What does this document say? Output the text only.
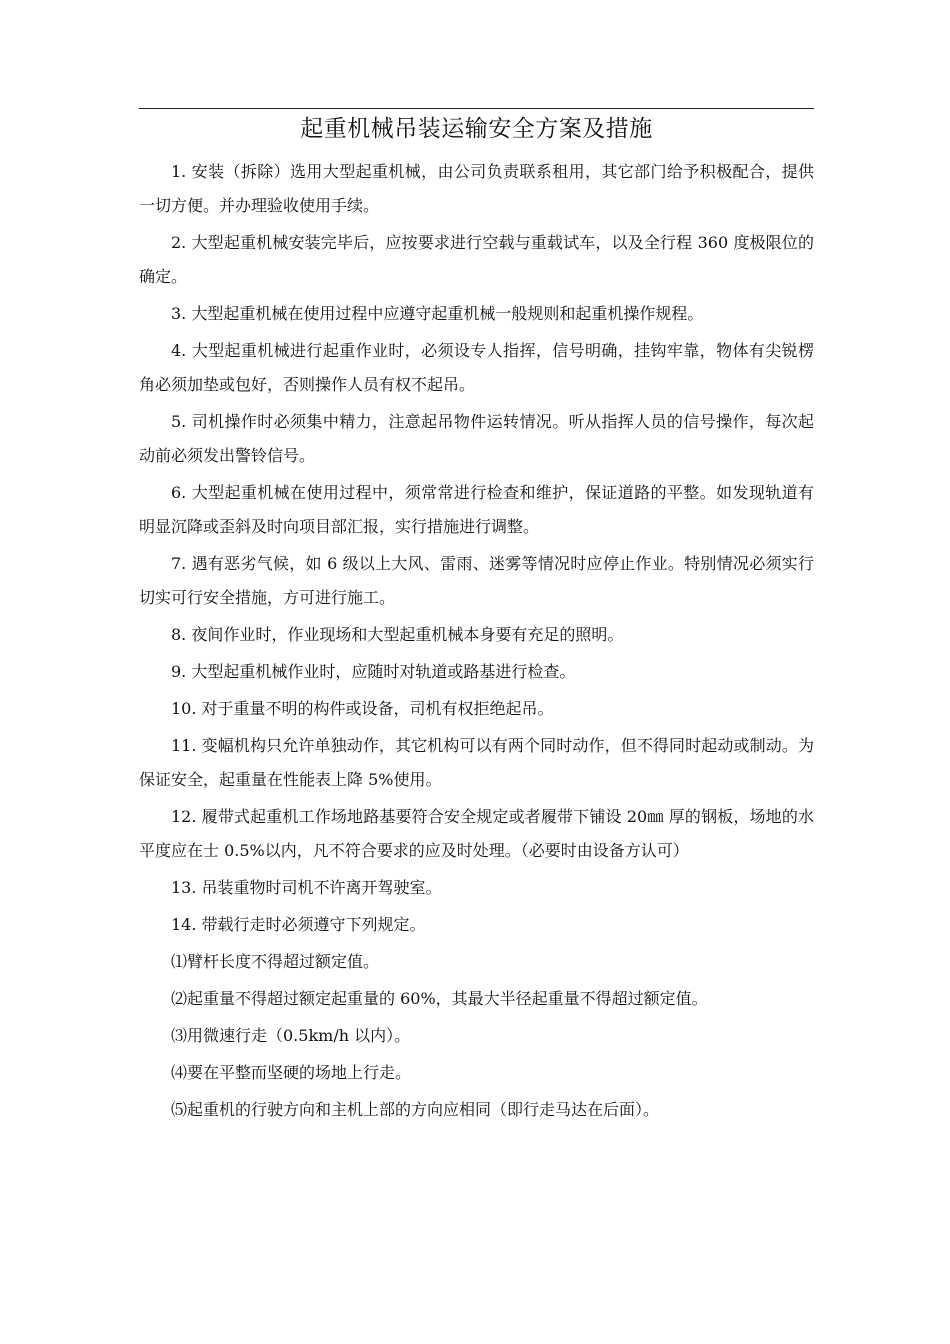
起重机械吊装运输安全方案及措施

1. 安装（拆除）选用大型起重机械，由公司负责联系租用，其它部门给予积极配合，提供一切方便。并办理验收使用手续。

2. 大型起重机械安装完毕后，应按要求进行空载与重载试车，以及全行程 360 度极限位的确定。

3. 大型起重机械在使用过程中应遵守起重机械一般规则和起重机操作规程。

4. 大型起重机械进行起重作业时，必须设专人指挥，信号明确，挂钩牢靠，物体有尖锐楞角必须加垫或包好，否则操作人员有权不起吊。

5. 司机操作时必须集中精力，注意起吊物件运转情况。听从指挥人员的信号操作，每次起动前必须发出警铃信号。

6. 大型起重机械在使用过程中，须常常进行检查和维护，保证道路的平整。如发现轨道有明显沉降或歪斜及时向项目部汇报，实行措施进行调整。

7. 遇有恶劣气候，如 6 级以上大风、雷雨、迷雾等情况时应停止作业。特别情况必须实行切实可行安全措施，方可进行施工。

8. 夜间作业时，作业现场和大型起重机械本身要有充足的照明。

9. 大型起重机械作业时，应随时对轨道或路基进行检查。

10. 对于重量不明的构件或设备，司机有权拒绝起吊。

11. 变幅机构只允许单独动作，其它机构可以有两个同时动作，但不得同时起动或制动。为保证安全，起重量在性能表上降 5%使用。

12. 履带式起重机工作场地路基要符合安全规定或者履带下铺设 20㎜ 厚的钢板，场地的水平度应在士 0.5%以内，凡不符合要求的应及时处理。（必要时由设备方认可）

13. 吊装重物时司机不许离开驾驶室。

14. 带载行走时必须遵守下列规定。

⑴臂杆长度不得超过额定值。

⑵起重量不得超过额定起重量的 60%，其最大半径起重量不得超过额定值。

⑶用微速行走（0.5km/h 以内）。

⑷要在平整而坚硬的场地上行走。

⑸起重机的行驶方向和主机上部的方向应相同（即行走马达在后面）。
